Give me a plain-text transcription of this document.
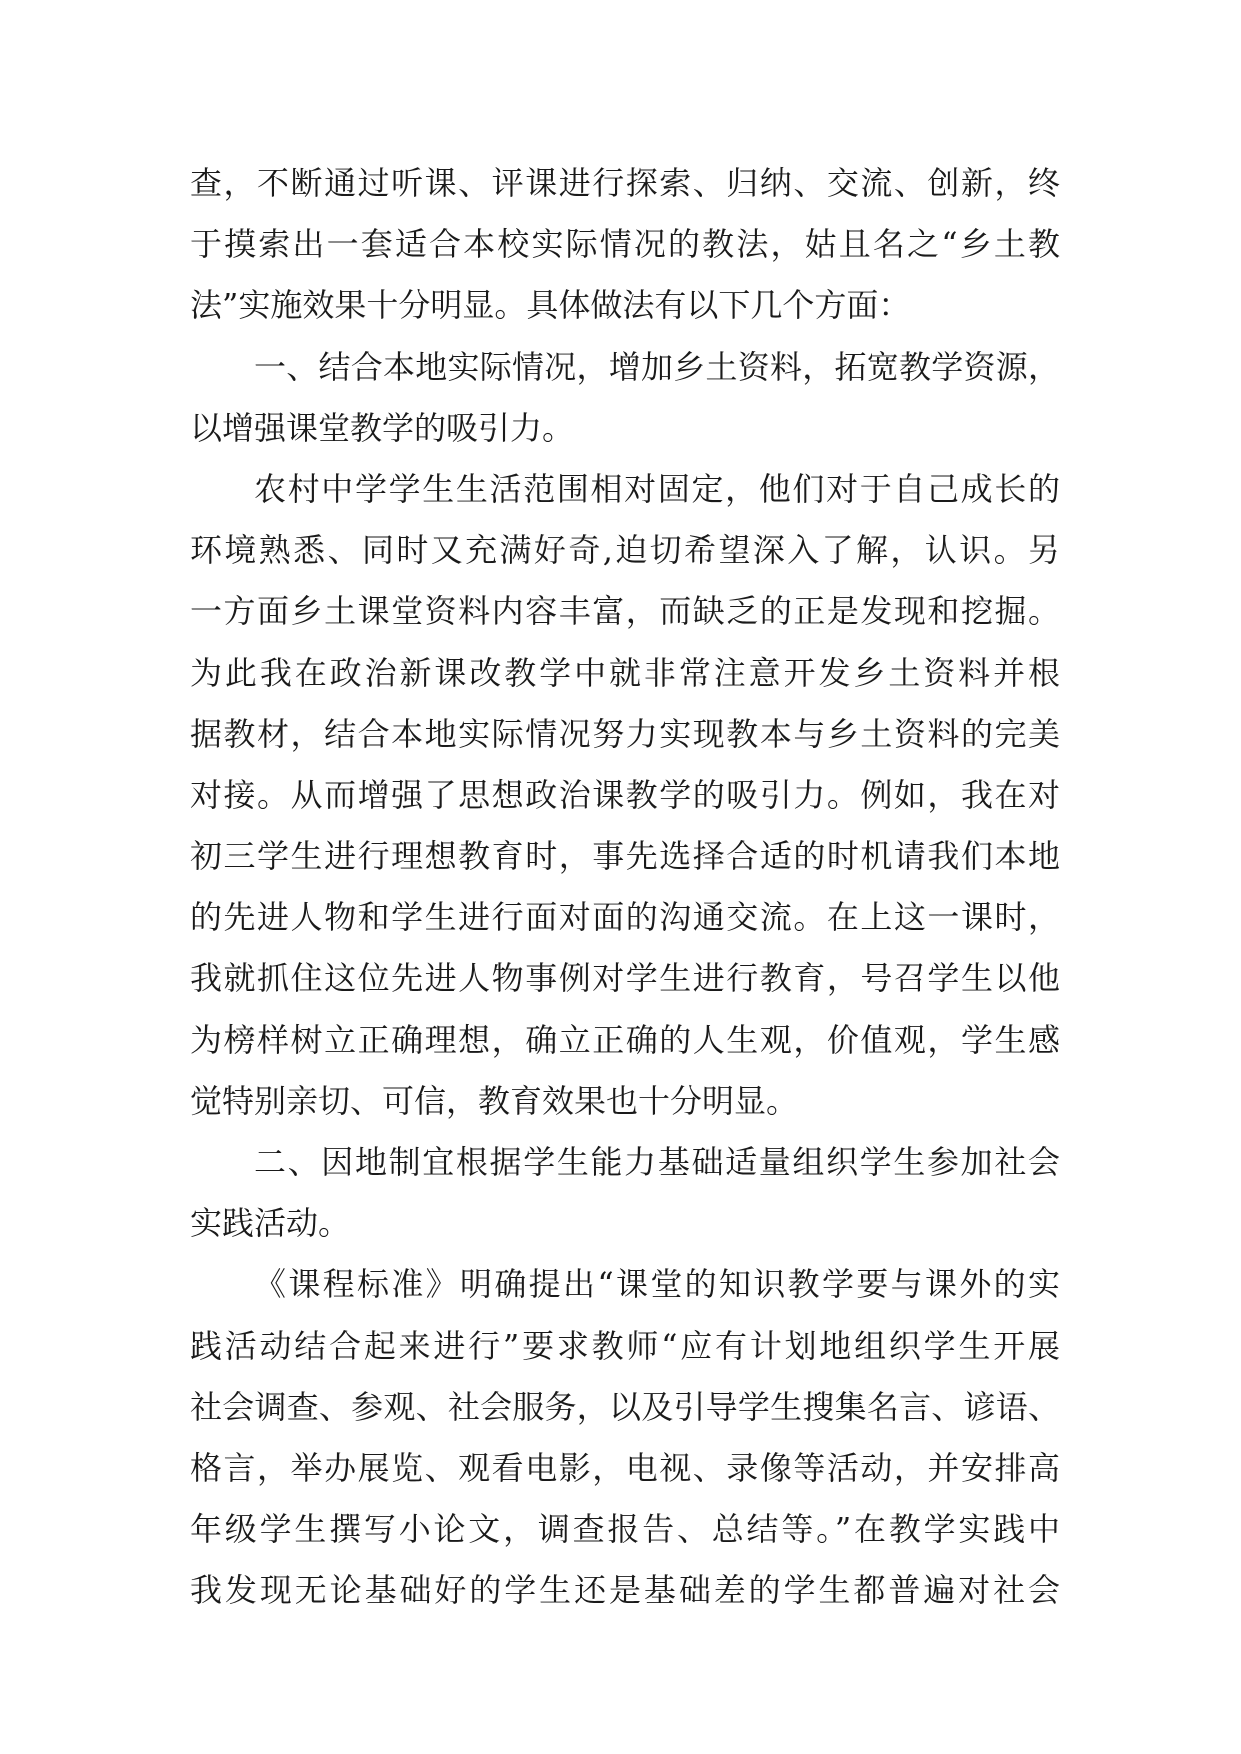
查，不断通过听课、评课进行探索、归纳、交流、创新，终
于摸索出一套适合本校实际情况的教法，姑且名之“乡土教
法”实施效果十分明显。具体做法有以下几个方面：
一、结合本地实际情况，增加乡土资料，拓宽教学资源，
以增强课堂教学的吸引力。
农村中学学生生活范围相对固定，他们对于自己成长的
环境熟悉、同时又充满好奇,迫切希望深入了解，认识。另
一方面乡土课堂资料内容丰富，而缺乏的正是发现和挖掘。
为此我在政治新课改教学中就非常注意开发乡土资料并根
据教材，结合本地实际情况努力实现教本与乡土资料的完美
对接。从而增强了思想政治课教学的吸引力。例如，我在对
初三学生进行理想教育时，事先选择合适的时机请我们本地
的先进人物和学生进行面对面的沟通交流。在上这一课时，
我就抓住这位先进人物事例对学生进行教育，号召学生以他
为榜样树立正确理想，确立正确的人生观，价值观，学生感
觉特别亲切、可信，教育效果也十分明显。
二、因地制宜根据学生能力基础适量组织学生参加社会
实践活动。
《课程标准》明确提出“课堂的知识教学要与课外的实
践活动结合起来进行”要求教师“应有计划地组织学生开展
社会调查、参观、社会服务，以及引导学生搜集名言、谚语、
格言，举办展览、观看电影，电视、录像等活动，并安排高
年级学生撰写小论文，调查报告、总结等。”在教学实践中
我发现无论基础好的学生还是基础差的学生都普遍对社会
